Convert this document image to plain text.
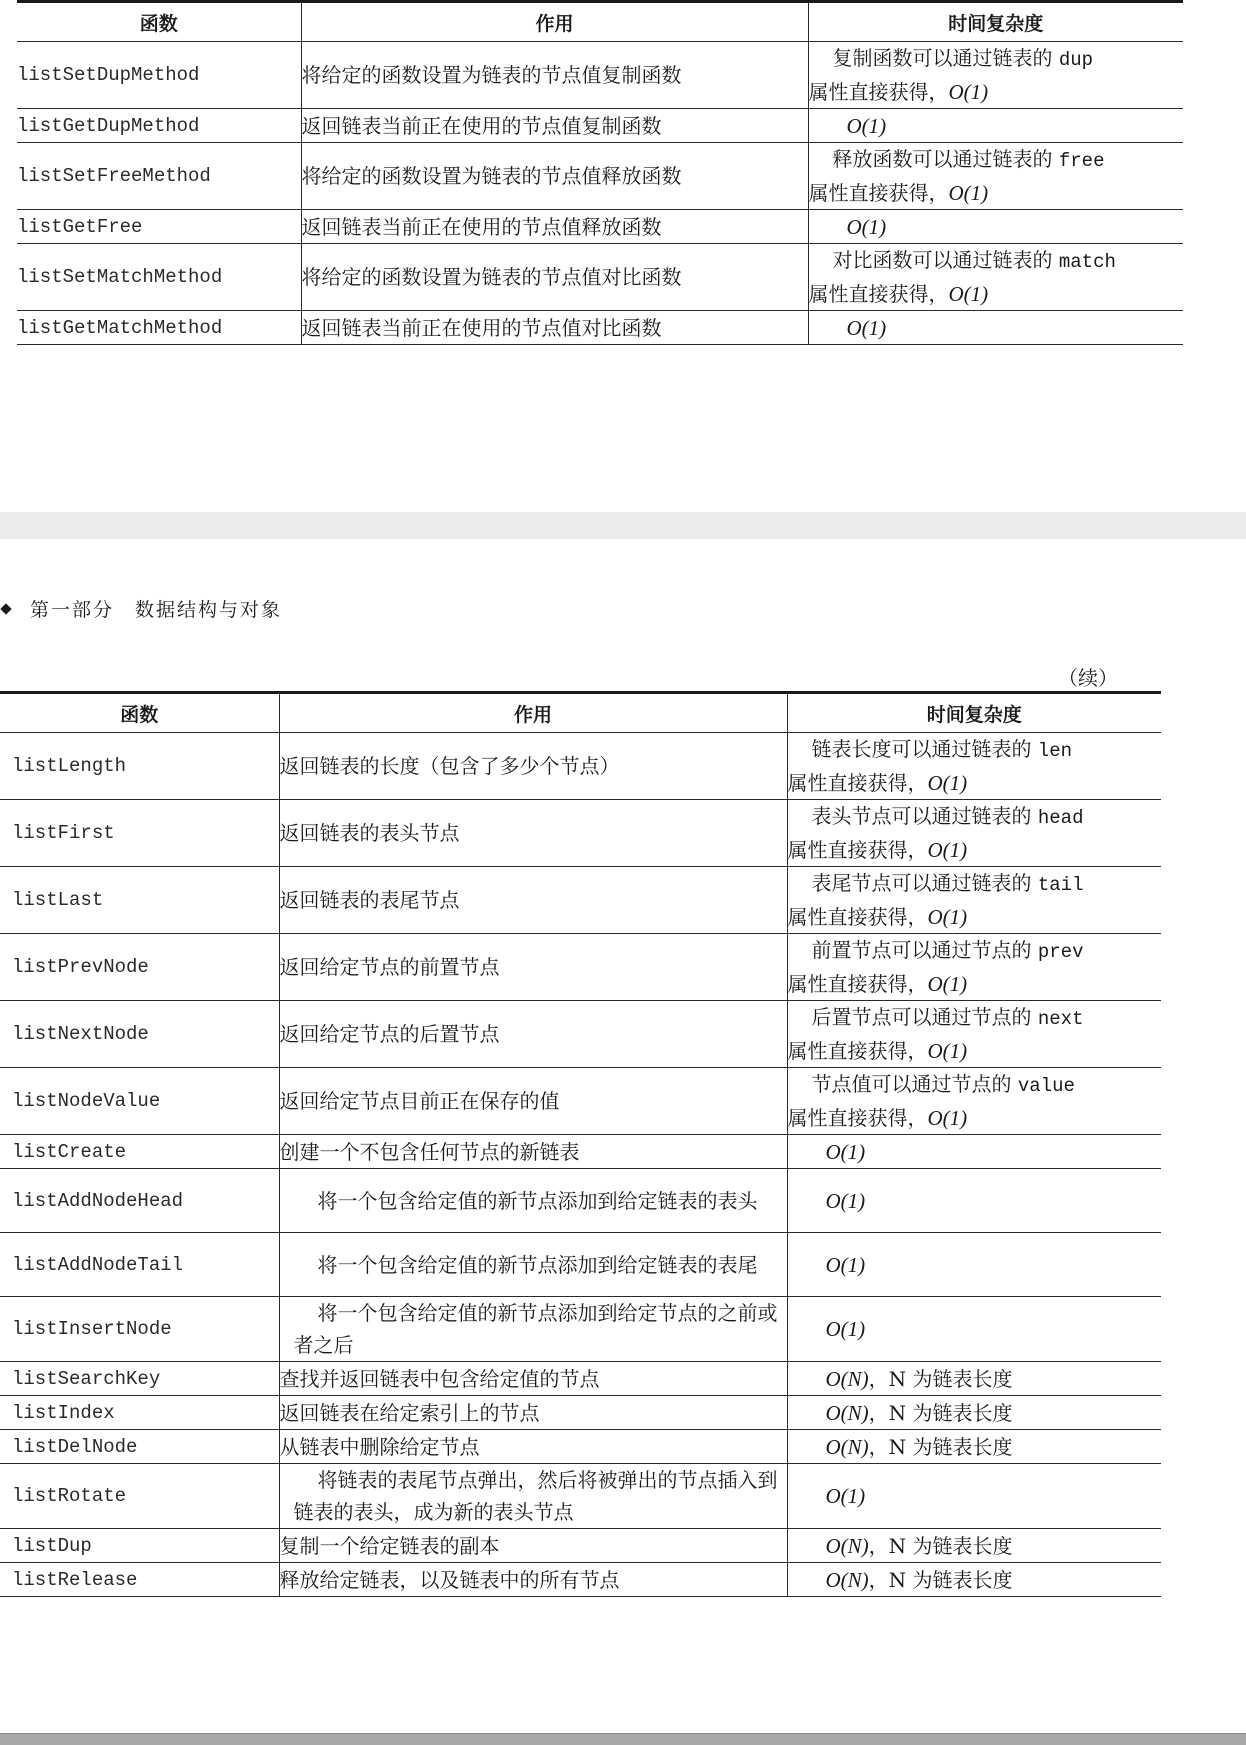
函数	作用	时间复杂度
listSetDupMethod	将给定的函数设置为链表的节点值复制函数	复制函数可以通过链表的 dup
属性直接获得，O(1)
listGetDupMethod	返回链表当前正在使用的节点值复制函数	O(1)
listSetFreeMethod	将给定的函数设置为链表的节点值释放函数	释放函数可以通过链表的 free
属性直接获得，O(1)
listGetFree	返回链表当前正在使用的节点值释放函数	O(1)
listSetMatchMethod	将给定的函数设置为链表的节点值对比函数	对比函数可以通过链表的 match
属性直接获得，O(1)
listGetMatchMethod	返回链表当前正在使用的节点值对比函数	O(1)
第一部分　数据结构与对象
（续）
函数	作用	时间复杂度
listLength	返回链表的长度（包含了多少个节点）	链表长度可以通过链表的 len
属性直接获得，O(1)
listFirst	返回链表的表头节点	表头节点可以通过链表的 head
属性直接获得，O(1)
listLast	返回链表的表尾节点	表尾节点可以通过链表的 tail
属性直接获得，O(1)
listPrevNode	返回给定节点的前置节点	前置节点可以通过节点的 prev
属性直接获得，O(1)
listNextNode	返回给定节点的后置节点	后置节点可以通过节点的 next
属性直接获得，O(1)
listNodeValue	返回给定节点目前正在保存的值	节点值可以通过节点的 value
属性直接获得，O(1)
listCreate	创建一个不包含任何节点的新链表	O(1)
listAddNodeHead	将一个包含给定值的新节点添加到给定链表的表头	O(1)
listAddNodeTail	将一个包含给定值的新节点添加到给定链表的表尾	O(1)
listInsertNode	将一个包含给定值的新节点添加到给定节点的之前或者之后	O(1)
listSearchKey	查找并返回链表中包含给定值的节点	O(N)，N 为链表长度
listIndex	返回链表在给定索引上的节点	O(N)，N 为链表长度
listDelNode	从链表中删除给定节点	O(N)，N 为链表长度
listRotate	将链表的表尾节点弹出，然后将被弹出的节点插入到链表的表头，成为新的表头节点	O(1)
listDup	复制一个给定链表的副本	O(N)，N 为链表长度
listRelease	释放给定链表，以及链表中的所有节点	O(N)，N 为链表长度
